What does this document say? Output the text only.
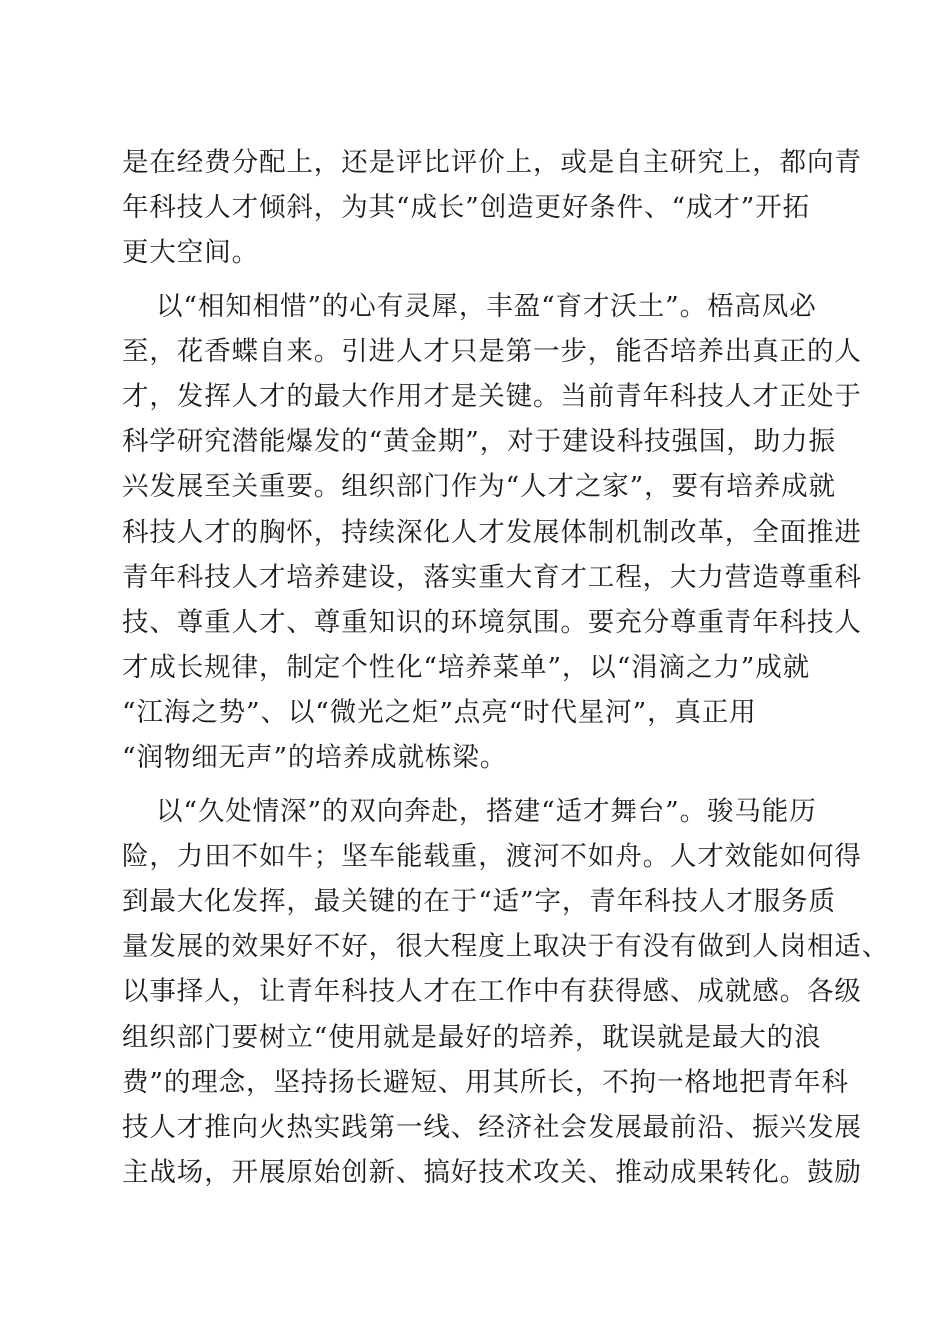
是在经费分配上，还是评比评价上，或是自主研究上，都向青
年科技人才倾斜，为其“成长”创造更好条件、“成才”开拓
更大空间。
以“相知相惜”的心有灵犀，丰盈“育才沃土”。梧高凤必
至，花香蝶自来。引进人才只是第一步，能否培养出真正的人
才，发挥人才的最大作用才是关键。当前青年科技人才正处于
科学研究潜能爆发的“黄金期”，对于建设科技强国，助力振
兴发展至关重要。组织部门作为“人才之家”，要有培养成就
科技人才的胸怀，持续深化人才发展体制机制改革，全面推进
青年科技人才培养建设，落实重大育才工程，大力营造尊重科
技、尊重人才、尊重知识的环境氛围。要充分尊重青年科技人
才成长规律，制定个性化“培养菜单”，以“涓滴之力”成就
“江海之势”、以“微光之炬”点亮“时代星河”，真正用
“润物细无声”的培养成就栋梁。
以“久处情深”的双向奔赴，搭建“适才舞台”。骏马能历
险，力田不如牛；坚车能载重，渡河不如舟。人才效能如何得
到最大化发挥，最关键的在于“适”字，青年科技人才服务质
量发展的效果好不好，很大程度上取决于有没有做到人岗相适、
以事择人，让青年科技人才在工作中有获得感、成就感。各级
组织部门要树立“使用就是最好的培养，耽误就是最大的浪
费”的理念，坚持扬长避短、用其所长，不拘一格地把青年科
技人才推向火热实践第一线、经济社会发展最前沿、振兴发展
主战场，开展原始创新、搞好技术攻关、推动成果转化。鼓励
